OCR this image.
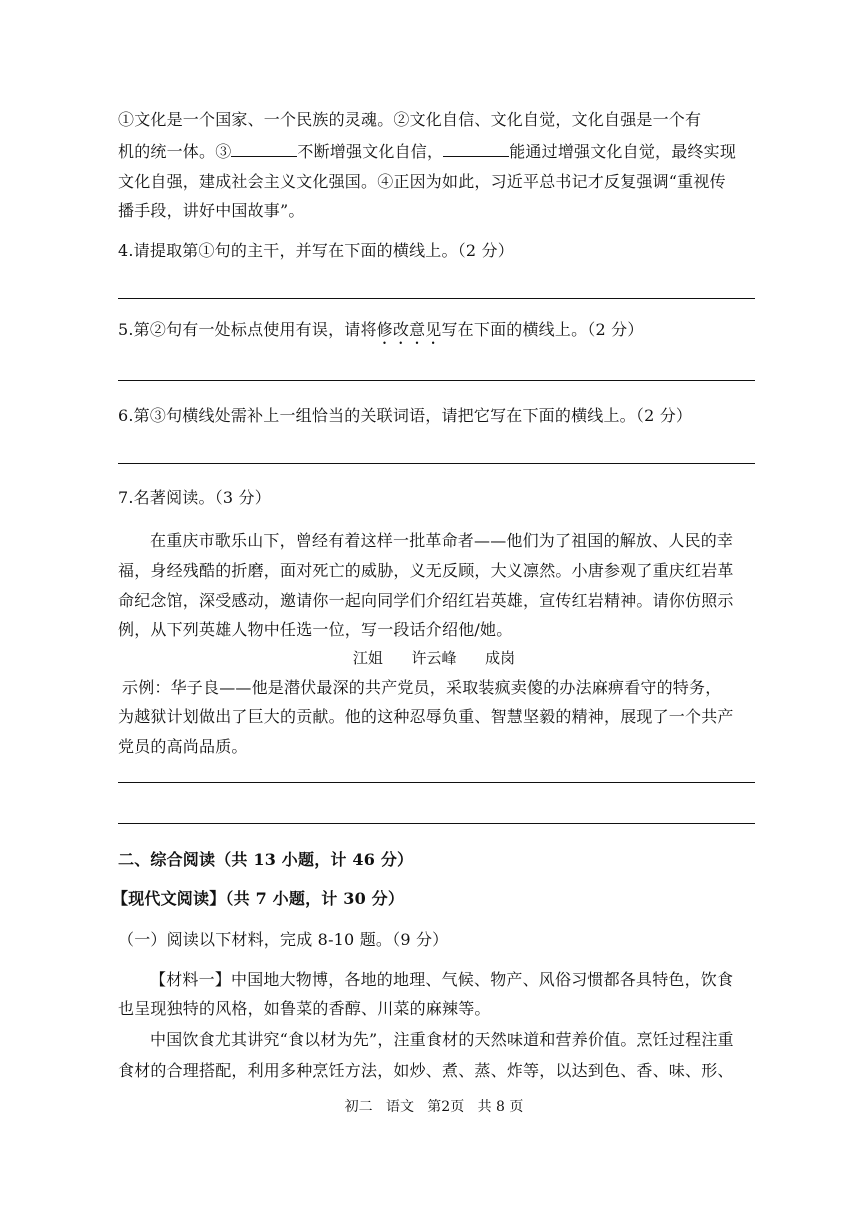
①文化是一个国家、一个民族的灵魂。②文化自信、文化自觉，文化自强是一个有
机的统一体。③	不断增强文化自信，	能通过增强文化自觉，最终实现
文化自强，建成社会主义文化强国。④正因为如此，习近平总书记才反复强调“重视传
播手段，讲好中国故事”。
4.请提取第①句的主干，并写在下面的横线上。（2 分）
5.第②句有一处标点使用有误，请将修改意见写在下面的横线上。（2 分）
6.第③句横线处需补上一组恰当的关联词语，请把它写在下面的横线上。（2 分）
7.名著阅读。（3 分）
在重庆市歌乐山下，曾经有着这样一批革命者——他们为了祖国的解放、人民的幸
福，身经残酷的折磨，面对死亡的威胁，义无反顾，大义凛然。小唐参观了重庆红岩革
命纪念馆，深受感动，邀请你一起向同学们介绍红岩英雄，宣传红岩精神。请你仿照示
例，从下列英雄人物中任选一位，写一段话介绍他/她。
江姐      许云峰      成岗
示例：华子良——他是潜伏最深的共产党员，采取装疯卖傻的办法麻痹看守的特务，
为越狱计划做出了巨大的贡献。他的这种忍辱负重、智慧坚毅的精神，展现了一个共产
党员的高尚品质。
二、综合阅读（共 13 小题，计 46 分）
【现代文阅读】（共 7 小题，计 30 分）
（一）阅读以下材料，完成 8-10 题。（9 分）
【材料一】中国地大物博，各地的地理、气候、物产、风俗习惯都各具特色，饮食
也呈现独特的风格，如鲁菜的香醇、川菜的麻辣等。
中国饮食尤其讲究“食以材为先”，注重食材的天然味道和营养价值。烹饪过程注重
食材的合理搭配，利用多种烹饪方法，如炒、煮、蒸、炸等，以达到色、香、味、形、
初二   语文   第2页   共 8 页
